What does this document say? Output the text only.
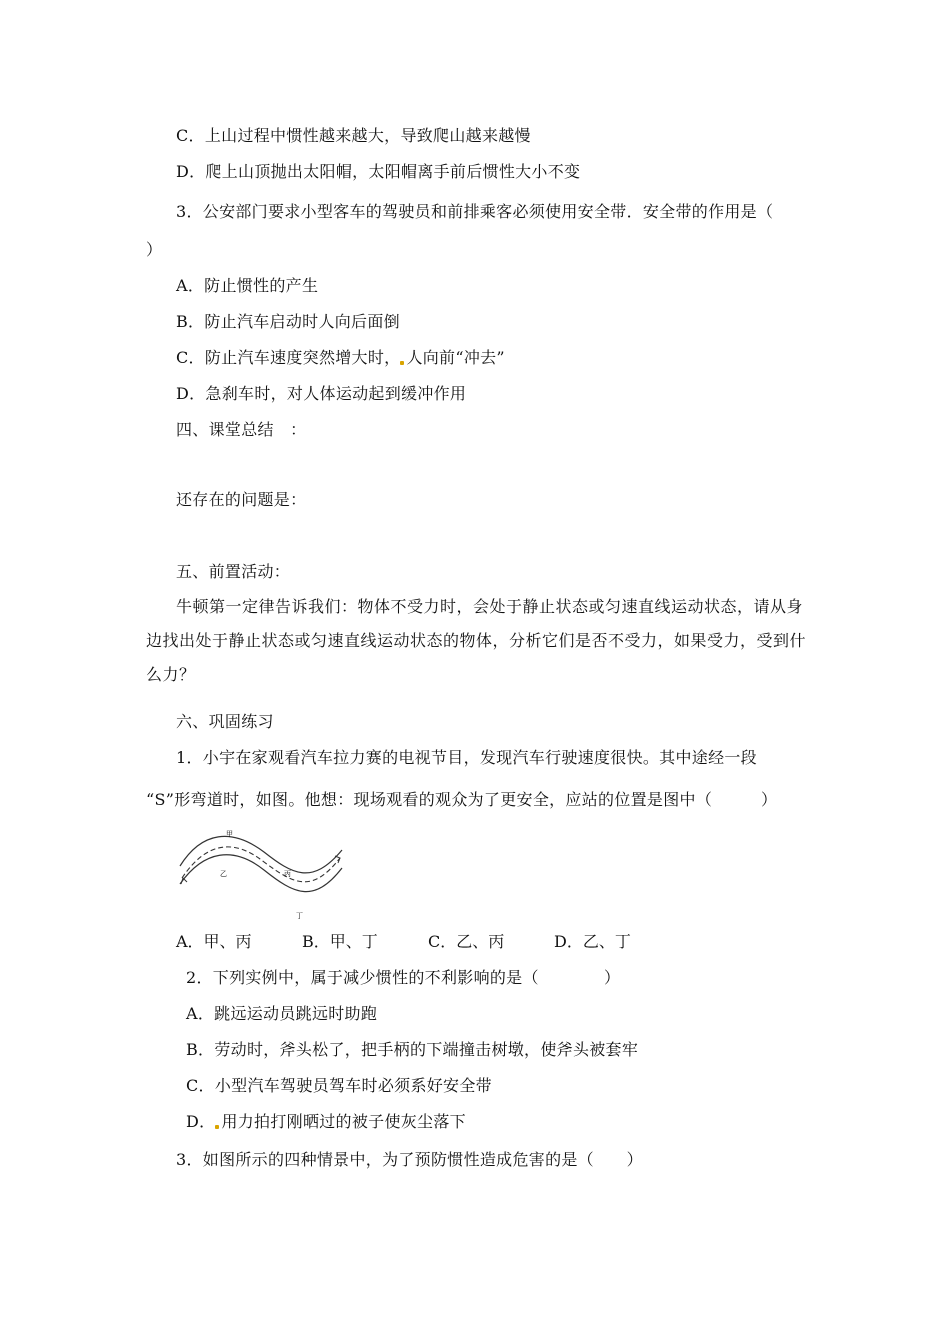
C．上山过程中惯性越来越大，导致爬山越来越慢
D．爬上山顶抛出太阳帽，太阳帽离手前后惯性大小不变
3．公安部门要求小型客车的驾驶员和前排乘客必须使用安全带．安全带的作用是（
）
A．防止惯性的产生
B．防止汽车启动时人向后面倒
C．防止汽车速度突然增大时， 人向前“冲去”
D．急刹车时，对人体运动起到缓冲作用
四、课堂总结　：
还存在的问题是：
五、前置活动：
牛顿第一定律告诉我们：物体不受力时，会处于静止状态或匀速直线运动状态，请从身边找出处于静止状态或匀速直线运动状态的物体，分析它们是否不受力，如果受力，受到什么力？
六、巩固练习
1．小宇在家观看汽车拉力赛的电视节目，发现汽车行驶速度很快。其中途经一段
“S”形弯道时，如图。他想：现场观看的观众为了更安全，应站的位置是图中（　　　）
甲
乙	丙
丁
A．甲、丙	B．甲、丁	C．乙、丙	D．乙、丁
2．下列实例中，属于减少惯性的不利影响的是（　　　　）
A．跳远运动员跳远时助跑
B．劳动时，斧头松了，把手柄的下端撞击树墩，使斧头被套牢
C．小型汽车驾驶员驾车时必须系好安全带
D． 用力拍打刚晒过的被子使灰尘落下
3．如图所示的四种情景中，为了预防惯性造成危害的是（　　）
